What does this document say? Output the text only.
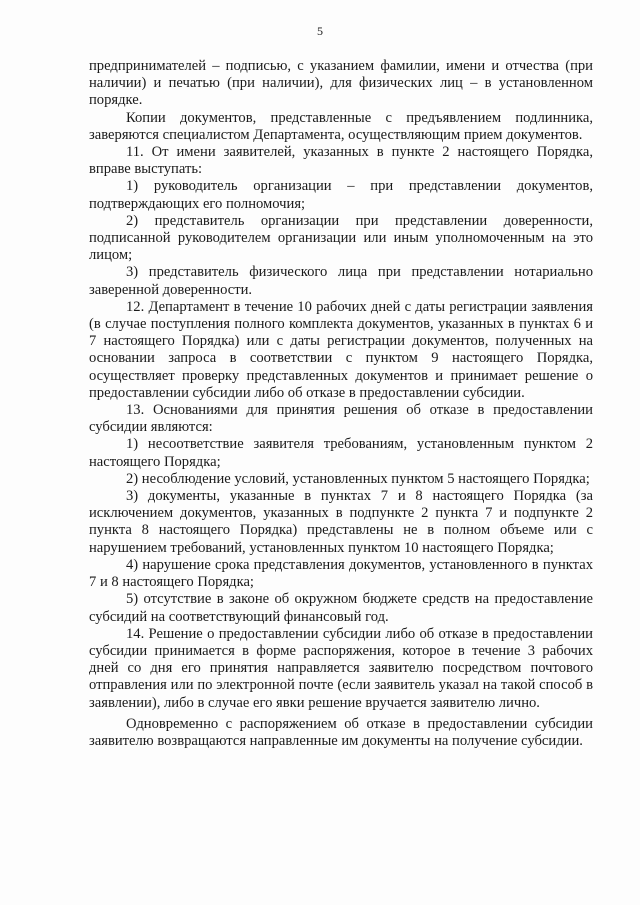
5

предпринимателей – подписью, с указанием фамилии, имени и отчества (при наличии) и печатью (при наличии), для физических лиц – в установленном порядке.

Копии документов, представленные с предъявлением подлинника, заверяются специалистом Департамента, осуществляющим прием документов.

11. От имени заявителей, указанных в пункте 2 настоящего Порядка, вправе выступать:

1) руководитель организации – при представлении документов, подтверждающих его полномочия;

2) представитель организации при представлении доверенности, подписанной руководителем организации или иным уполномоченным на это лицом;

3) представитель физического лица при представлении нотариально заверенной доверенности.

12. Департамент в течение 10 рабочих дней с даты регистрации заявления (в случае поступления полного комплекта документов, указанных в пунктах 6 и 7 настоящего Порядка) или с даты регистрации документов, полученных на основании запроса в соответствии с пунктом 9 настоящего Порядка, осуществляет проверку представленных документов и принимает решение о предоставлении субсидии либо об отказе в предоставлении субсидии.

13. Основаниями для принятия решения об отказе в предоставлении субсидии являются:

1) несоответствие заявителя требованиям, установленным пунктом 2 настоящего Порядка;

2) несоблюдение условий, установленных пунктом 5 настоящего Порядка;

3) документы, указанные в пунктах 7 и 8 настоящего Порядка (за исключением документов, указанных в подпункте 2 пункта 7 и подпункте 2 пункта 8 настоящего Порядка) представлены не в полном объеме или с нарушением требований, установленных пунктом 10 настоящего Порядка;

4) нарушение срока представления документов, установленного в пунктах 7 и 8 настоящего Порядка;

5) отсутствие в законе об окружном бюджете средств на предоставление субсидий на соответствующий финансовый год.

14. Решение о предоставлении субсидии либо об отказе в предоставлении субсидии принимается в форме распоряжения, которое в течение 3 рабочих дней со дня его принятия направляется заявителю посредством почтового отправления или по электронной почте (если заявитель указал на такой способ в заявлении), либо в случае его явки решение вручается заявителю лично.

Одновременно с распоряжением об отказе в предоставлении субсидии заявителю возвращаются направленные им документы на получение субсидии.
